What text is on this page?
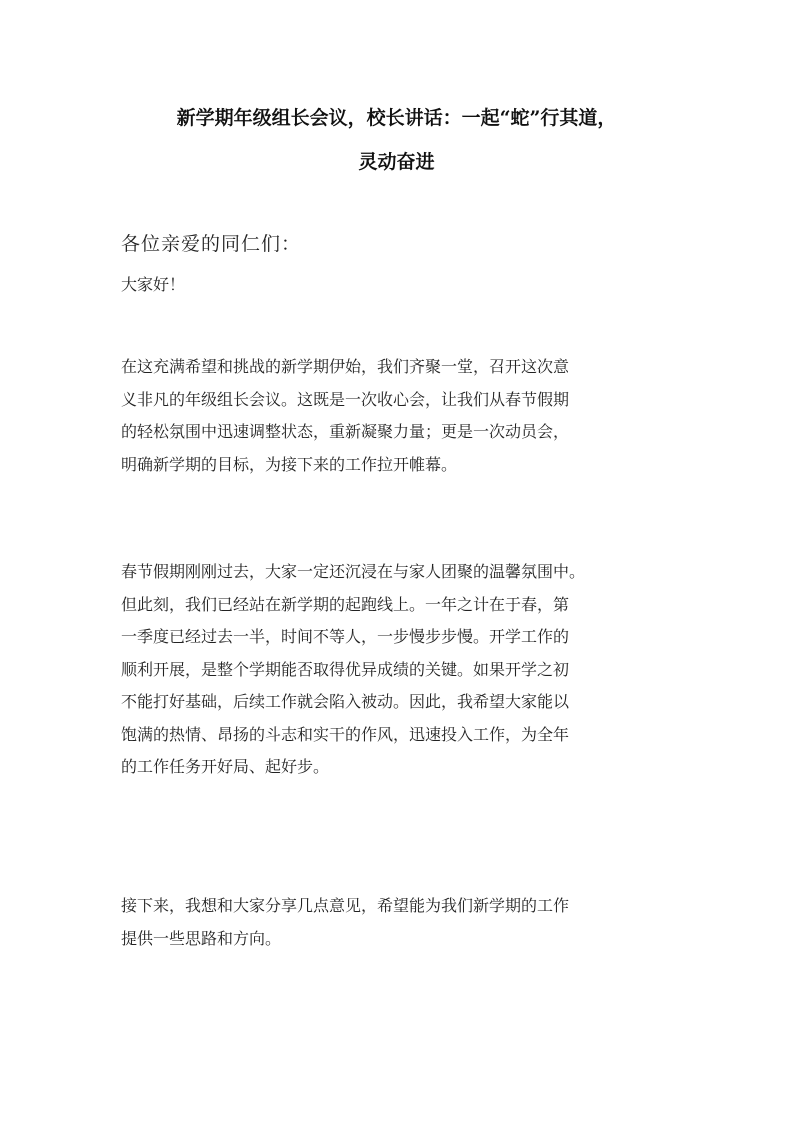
新学期年级组长会议，校长讲话：一起“蛇”行其道，
灵动奋进
各位亲爱的同仁们：
大家好！
在这充满希望和挑战的新学期伊始，我们齐聚一堂，召开这次意
义非凡的年级组长会议。这既是一次收心会，让我们从春节假期
的轻松氛围中迅速调整状态，重新凝聚力量；更是一次动员会，
明确新学期的目标，为接下来的工作拉开帷幕。
春节假期刚刚过去，大家一定还沉浸在与家人团聚的温馨氛围中。
但此刻，我们已经站在新学期的起跑线上。一年之计在于春，第
一季度已经过去一半，时间不等人，一步慢步步慢。开学工作的
顺利开展，是整个学期能否取得优异成绩的关键。如果开学之初
不能打好基础，后续工作就会陷入被动。因此，我希望大家能以
饱满的热情、昂扬的斗志和实干的作风，迅速投入工作，为全年
的工作任务开好局、起好步。
接下来，我想和大家分享几点意见，希望能为我们新学期的工作
提供一些思路和方向。
